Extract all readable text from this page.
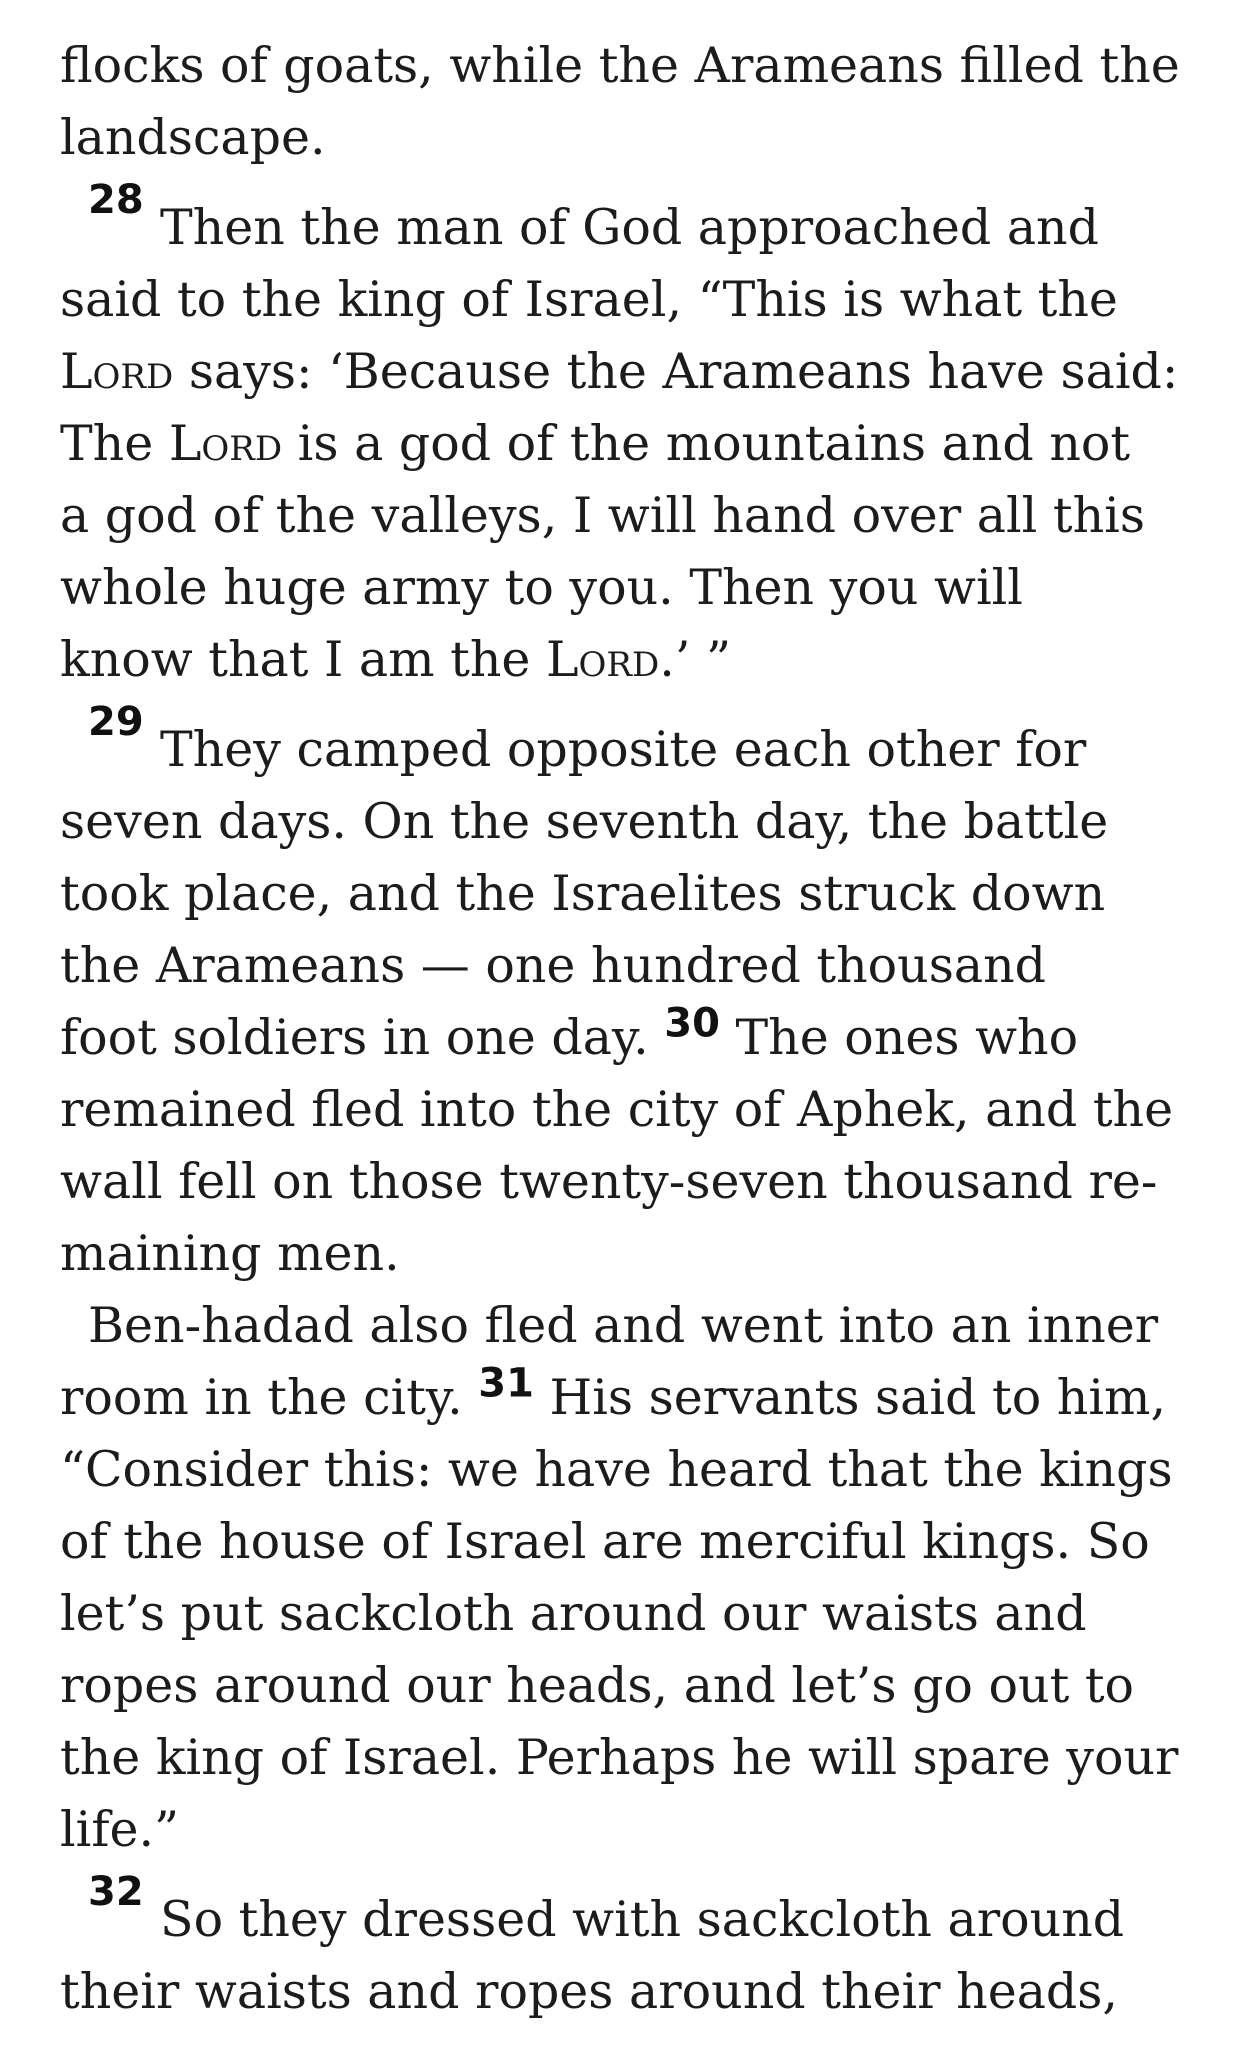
flocks of goats, while the Arameans filled the
landscape.
28 Then the man of God approached and
said to the king of Israel, “This is what the
Lord says: ‘Because the Arameans have said:
The Lord is a god of the mountains and not
a god of the valleys, I will hand over all this
whole huge army to you. Then you will
know that I am the Lord.’ ”
29 They camped opposite each other for
seven days. On the seventh day, the battle
took place, and the Israelites struck down
the Arameans — one hundred thousand
foot soldiers in one day. $^{30}$ The ones who
remained fled into the city of Aphek, and the
wall fell on those twenty-seven thousand re-
maining men.
Ben-hadad also fled and went into an inner
room in the city. $^{31}$ His servants said to him,
“Consider this: we have heard that the kings
of the house of Israel are merciful kings. So
let’s put sackcloth around our waists and
ropes around our heads, and let’s go out to
the king of Israel. Perhaps he will spare your
life.”
32 So they dressed with sackcloth around
their waists and ropes around their heads,
